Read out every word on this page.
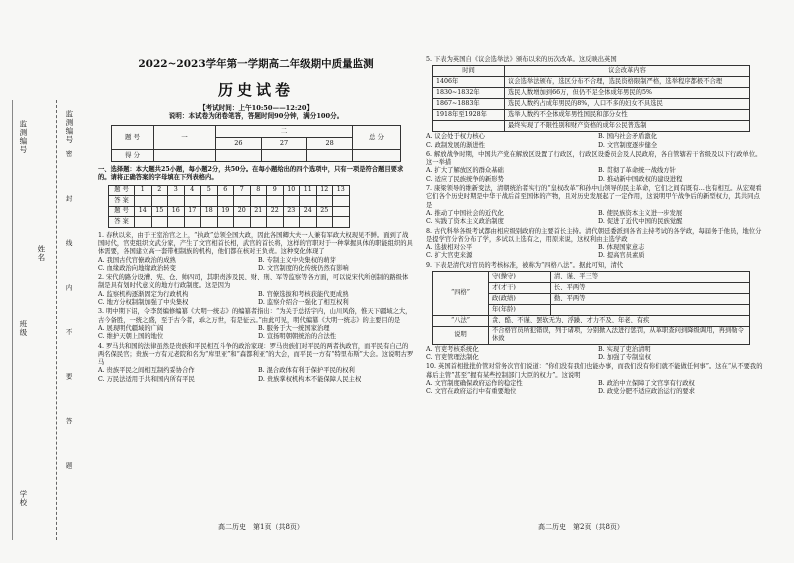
监测编号
监测编号
密 封 线 内 不 要 答 题
姓名
班级
学校
2022~2023学年第一学期高二年级期中质量监测
历史试卷
【考试时间：上午10:50——12:20】
说明：本试卷为闭卷笔答，答题时间90分钟，满分100分。
题 号	一	二			总 分
		26	27	28	
得 分					
一、选择题：本大题共25小题，每小题2分，共50分。在每小题给出的四个选项中，只有一项是符合题目要求的。请将正确答案的字母填在下列表格内。
题 号	1	2	3	4	5	6	7	8	9	10	11	12	13
答 案													
题 号	14	15	16	17	18	19	20	21	22	23	24	25	
答 案													
1. 春秋以来，由于王室治官之上，“执政”总领全国大政，因此各国卿大夫一人兼有军政大权现见不鲜。面到了战国时代，官吏组织文武分家，产生了文官相首长相，武官的首长将，这样的官职对于一种掌握具体的职能组织的具体需要，各国建立高一套带相制族的机构，他们都在核对王负责。这种变化体现了
A. 我国古代官僚政治的成熟	B. 专制主义中央集权的萌芽
C. 血缘政治向地缘政治转变	D. 文官制度的化传统仍然有影响
2. 宋代的路分设漕、宪、仓、帅四司，其职责涉及民、财、刑、军等监察等各方面，可以说宋代所创制的路级体制是具有划时代意义的地方行政制度。这是因为
A. 监察机构逐渐固定为行政机构	B. 官僚选拔和考核获能代更成熟
C. 地方分权制制加强了中央集权	D. 监察介绍合一强化了相互权利
3. 明中期下诏，令李贤编修编纂《大明一统志》的编纂者指出：“为关于总括宇内，山川风俗，惟天下疆域之大，古今备胜，一统之盛，至于古今者，乖之万世，有是征云。”由此可见，明代编纂《大明一统志》的主要目的是
A. 展现明代疆域的广阔	B. 服务于大一统国家治理
C. 维护天朝上国的地位	D. 宣扬明朝朝统治的合法性
4. 罗马共和国的法律虽然是贵族和平民相互斗争的政治家现：罗马贵族们对平民的两者执政官，而平民有自己的两名保民官；贵族一方有元老院和名为“库里亚”和“森都利亚”的大会，而平民一方有“特里布斯”大会。这说明古罗马
A. 贵族平民之间相互制约妥协合作	B. 混合政体有利于保护平民的权利
C. 万民法适用于共和国内所有平民	D. 贵族掌权机构本不能保障人民主权
高二历史　第1页（共8页）
5. 下表为英国自《议会选举法》颁布以来的历次改革。这反映出英国
时间	议会改革内容
1406年	议会选举法颁布，选区分布不合理，选民资格限制严格，选举程序都极不合理
1830~1832年	选民人数增加到66万，但仍不足全体成年男民的5%
1867~1883年	选民人数约占成年男民的8%，人口不多的妇女不具选民
1918年至1928年	选举人数约不全体成年男性国民和部分女性
	最终实现了不限性别和财产资格的成年公民普选制
A. 议会处于权力核心	B. 国内社会矛盾激化
C. 政制发展的渐进性	D. 文官制度逐步健全
6. 解放战争时期，中国共产党在解放区设置了行政区，行政区设委员会及人民政府，各自管辖若干省级及以下行政单位。这一举措
A. 扩大了解放区的群众基础	B. 贯彻了革命统一战线方针
C. 适应了民族统争的新形势	D. 推动新中国政权的建设进程
7. 康梁领导的维新变法，清朝统治者实行的“皇权改革”和孙中山领导的民主革命，它们之间有既有…也有相互。从宏观看它们各个历史时期是中华干战后首至国体的产物，且对历史发展起了一定作用，这说明甲午战争后的新型权力，其共同点是
A. 推动了中国社会的近代化	B. 使民族资本主义进一步发展
C. 实践了资本主义政治制度	D. 促进了近代中国的民族觉醒
8. 古代科举各级考试都由相应级别政府的主要首长主持。清代朝廷委派到各省主持考试的各学政，每届务于他员，地位分是提学官分省分布了学，多试以上选有之，用原来说，这权利由主选学政
A. 选拔相对公平	B. 体现国家意志
C. 扩大官吏来源	D. 提高官员素质
9. 下表是清代对官员的考核标准，被称为“四格八法”。据此可知，清代
“四格”	守(操守)	清、谨、平三等
	才(才干)	长、平两等
	政(政绩)	勤、平两等
	年(年龄)	
“八法”	贪、酷、不谨、罢软无为、浮躁、才力不及、年老、有疾	
说明	不合格官员所犯错误，列于诸项，分别掀入法进行惩罚，从革职查问到降级调用，再到勒令休致	
A. 官吏考核系统化	B. 实现了吏治清明
C. 官吏管理法制化	D. 加强了专制皇权
10. 英国首相批批价管对常务次官们说道：“你们没有我们也能办事，而我们没有你们就不能做任何事”。这在“从不要我的幕后主管”甚至“握有某些控制部门大臣的权力”。这说明
A. 文官制度确保政府运作的稳定性	B. 政治中立保障了文官享有行政权
C. 文官在政府运行中有重要地位	D. 政党分肥不适应政治运行的要求
高二历史　第2页（共8页）
